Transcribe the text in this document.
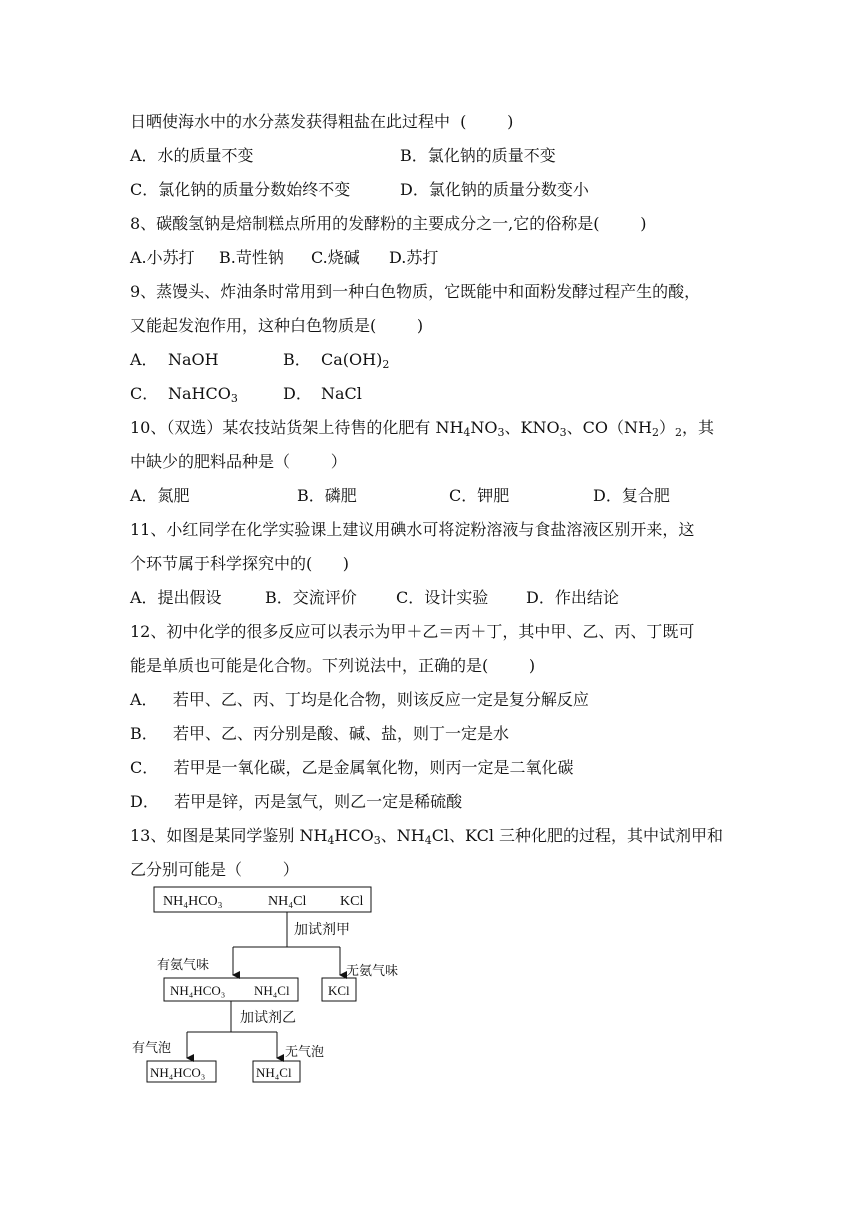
日晒使海水中的水分蒸发获得粗盐在此过程中  (        )
A．水的质量不变	B．氯化钠的质量不变
C．氯化钠的质量分数始终不变	D．氯化钠的质量分数变小
8、碳酸氢钠是焙制糕点所用的发酵粉的主要成分之一,它的俗称是(        )
A.小苏打 B.苛性钠 C.烧碱 D.苏打
9、蒸馒头、炸油条时常用到一种白色物质，它既能中和面粉发酵过程产生的酸，
又能起发泡作用，这种白色物质是(        )
A． NaOH	B． $Ca(OH)_2$
C． NaHCO$_3$	D． NaCl
10、（双选）某农技站货架上待售的化肥有 $NH_4NO_3$、$KNO_3$、$CO(NH_2)_2$，其
中缺少的肥料品种是（        ）
A．氮肥	B．磷肥	C．钾肥	D．复合肥
11、小红同学在化学实验课上建议用碘水可将淀粉溶液与食盐溶液区别开来，这
个环节属于科学探究中的(      )
A．提出假设	B．交流评价 C．设计实验 D．作出结论
12、初中化学的很多反应可以表示为甲＋乙＝丙＋丁，其中甲、乙、丙、丁既可
能是单质也可能是化合物。下列说法中，正确的是(        )
A．   若甲、乙、丙、丁均是化合物，则该反应一定是复分解反应
B．   若甲、乙、丙分别是酸、碱、盐，则丁一定是水
C．   若甲是一氧化碳，乙是金属氧化物，则丙一定是二氧化碳
D．   若甲是锌，丙是氢气，则乙一定是稀硫酸
13、如图是某同学鉴别 $NH_4HCO_3$、$NH_4Cl$、KCl 三种化肥的过程，其中试剂甲和
乙分别可能是（        ）
NH₄HCO₃	NH₄Cl KCl
加试剂甲
有氨气味	无氨气味
NH₄HCO₃ NH₄Cl	KCl
加试剂乙
有气泡	无气泡
NH₄HCO₃	NH₄Cl
